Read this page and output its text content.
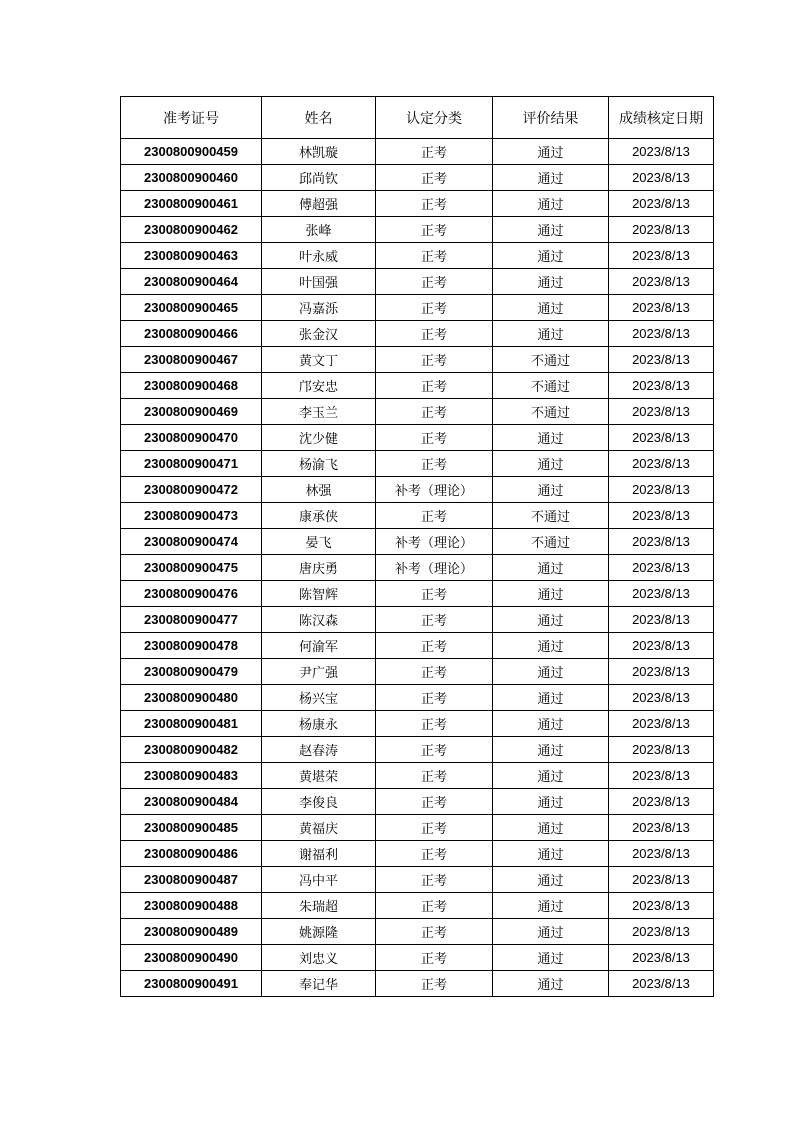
准考证号	姓名	认定分类	评价结果	成绩核定日期
2300800900459	林凯璇	正考	通过	2023/8/13
2300800900460	邱尚钦	正考	通过	2023/8/13
2300800900461	傅超强	正考	通过	2023/8/13
2300800900462	张峰	正考	通过	2023/8/13
2300800900463	叶永威	正考	通过	2023/8/13
2300800900464	叶国强	正考	通过	2023/8/13
2300800900465	冯嘉泺	正考	通过	2023/8/13
2300800900466	张金汉	正考	通过	2023/8/13
2300800900467	黄文丁	正考	不通过	2023/8/13
2300800900468	邝安忠	正考	不通过	2023/8/13
2300800900469	李玉兰	正考	不通过	2023/8/13
2300800900470	沈少健	正考	通过	2023/8/13
2300800900471	杨渝飞	正考	通过	2023/8/13
2300800900472	林强	补考（理论）	通过	2023/8/13
2300800900473	康承侠	正考	不通过	2023/8/13
2300800900474	晏飞	补考（理论）	不通过	2023/8/13
2300800900475	唐庆勇	补考（理论）	通过	2023/8/13
2300800900476	陈智辉	正考	通过	2023/8/13
2300800900477	陈汉森	正考	通过	2023/8/13
2300800900478	何渝军	正考	通过	2023/8/13
2300800900479	尹广强	正考	通过	2023/8/13
2300800900480	杨兴宝	正考	通过	2023/8/13
2300800900481	杨康永	正考	通过	2023/8/13
2300800900482	赵春涛	正考	通过	2023/8/13
2300800900483	黄堪荣	正考	通过	2023/8/13
2300800900484	李俊良	正考	通过	2023/8/13
2300800900485	黄福庆	正考	通过	2023/8/13
2300800900486	谢福利	正考	通过	2023/8/13
2300800900487	冯中平	正考	通过	2023/8/13
2300800900488	朱瑞超	正考	通过	2023/8/13
2300800900489	姚源隆	正考	通过	2023/8/13
2300800900490	刘忠义	正考	通过	2023/8/13
2300800900491	奉记华	正考	通过	2023/8/13
